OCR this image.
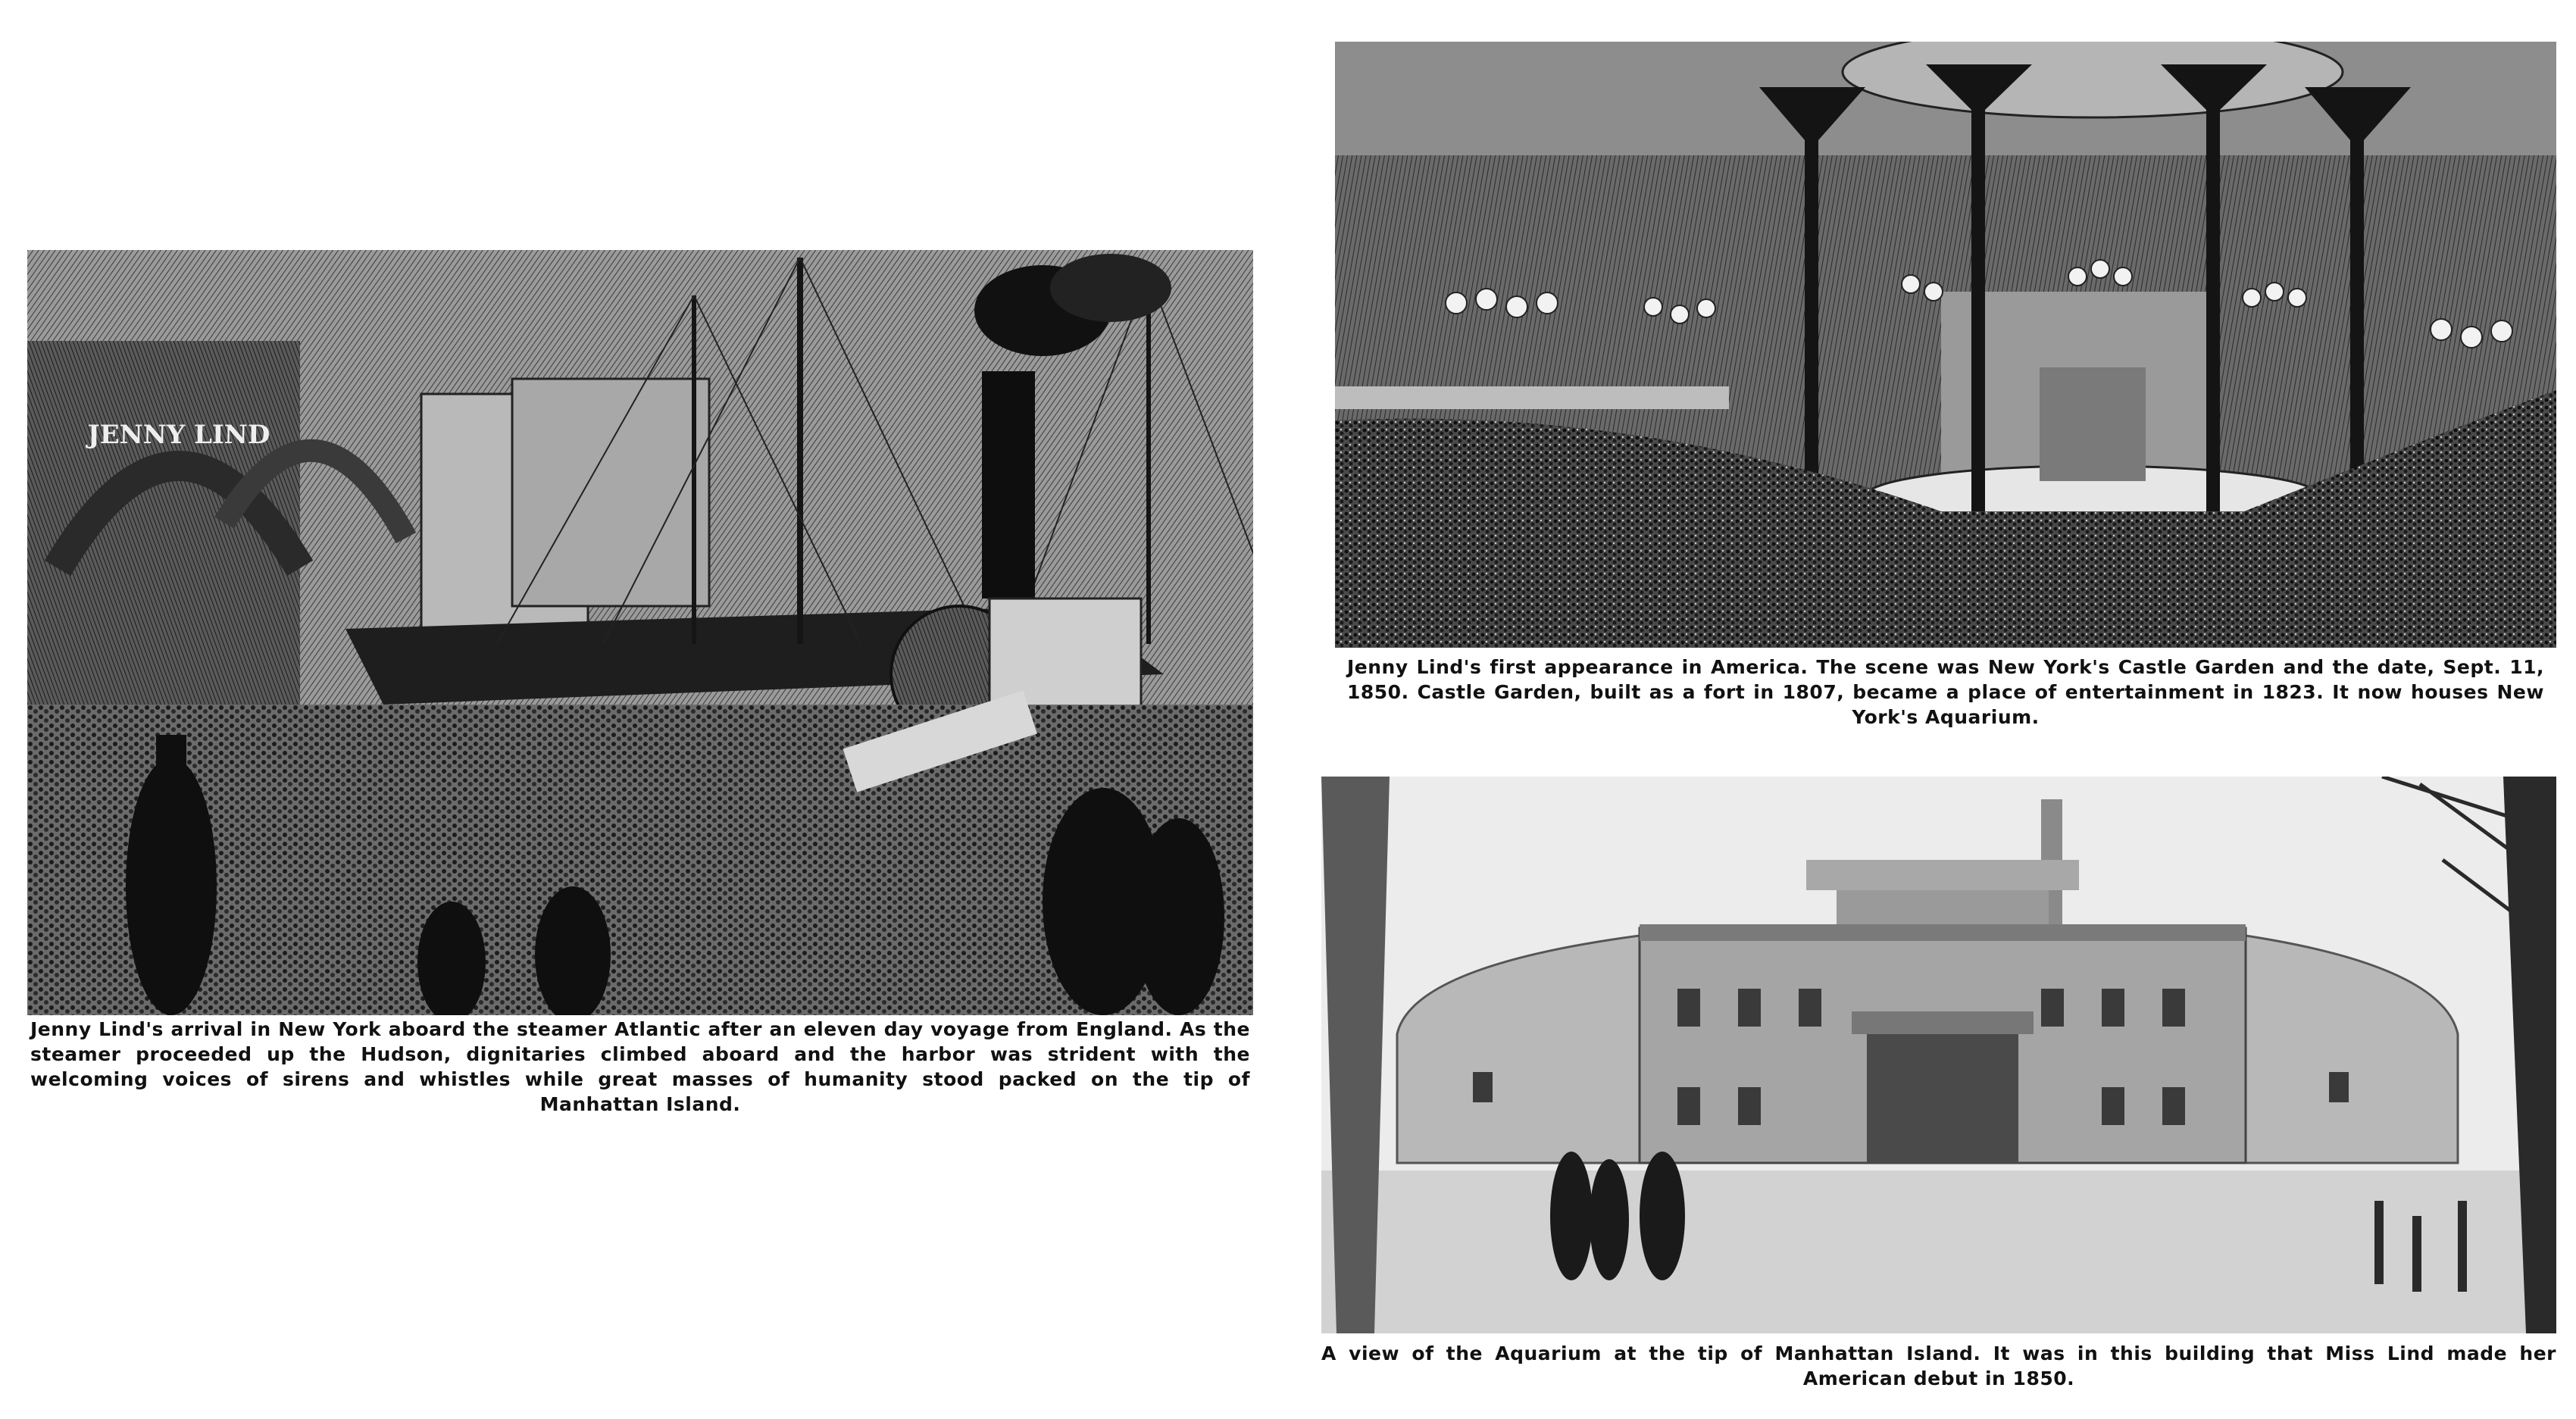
JENNY LIND
Jenny Lind's arrival in New York aboard the steamer Atlantic after an eleven day voyage from England. As the steamer proceeded up the Hudson, dignitaries climbed aboard and the harbor was strident with the welcoming voices of sirens and whistles while great masses of humanity stood packed on the tip of Manhattan Island.
Jenny Lind's first appearance in America. The scene was New York's Castle Garden and the date, Sept. 11, 1850. Castle Garden, built as a fort in 1807, became a place of entertainment in 1823. It now houses New York's Aquarium.
A view of the Aquarium at the tip of Manhattan Island. It was in this building that Miss Lind made her American debut in 1850.
